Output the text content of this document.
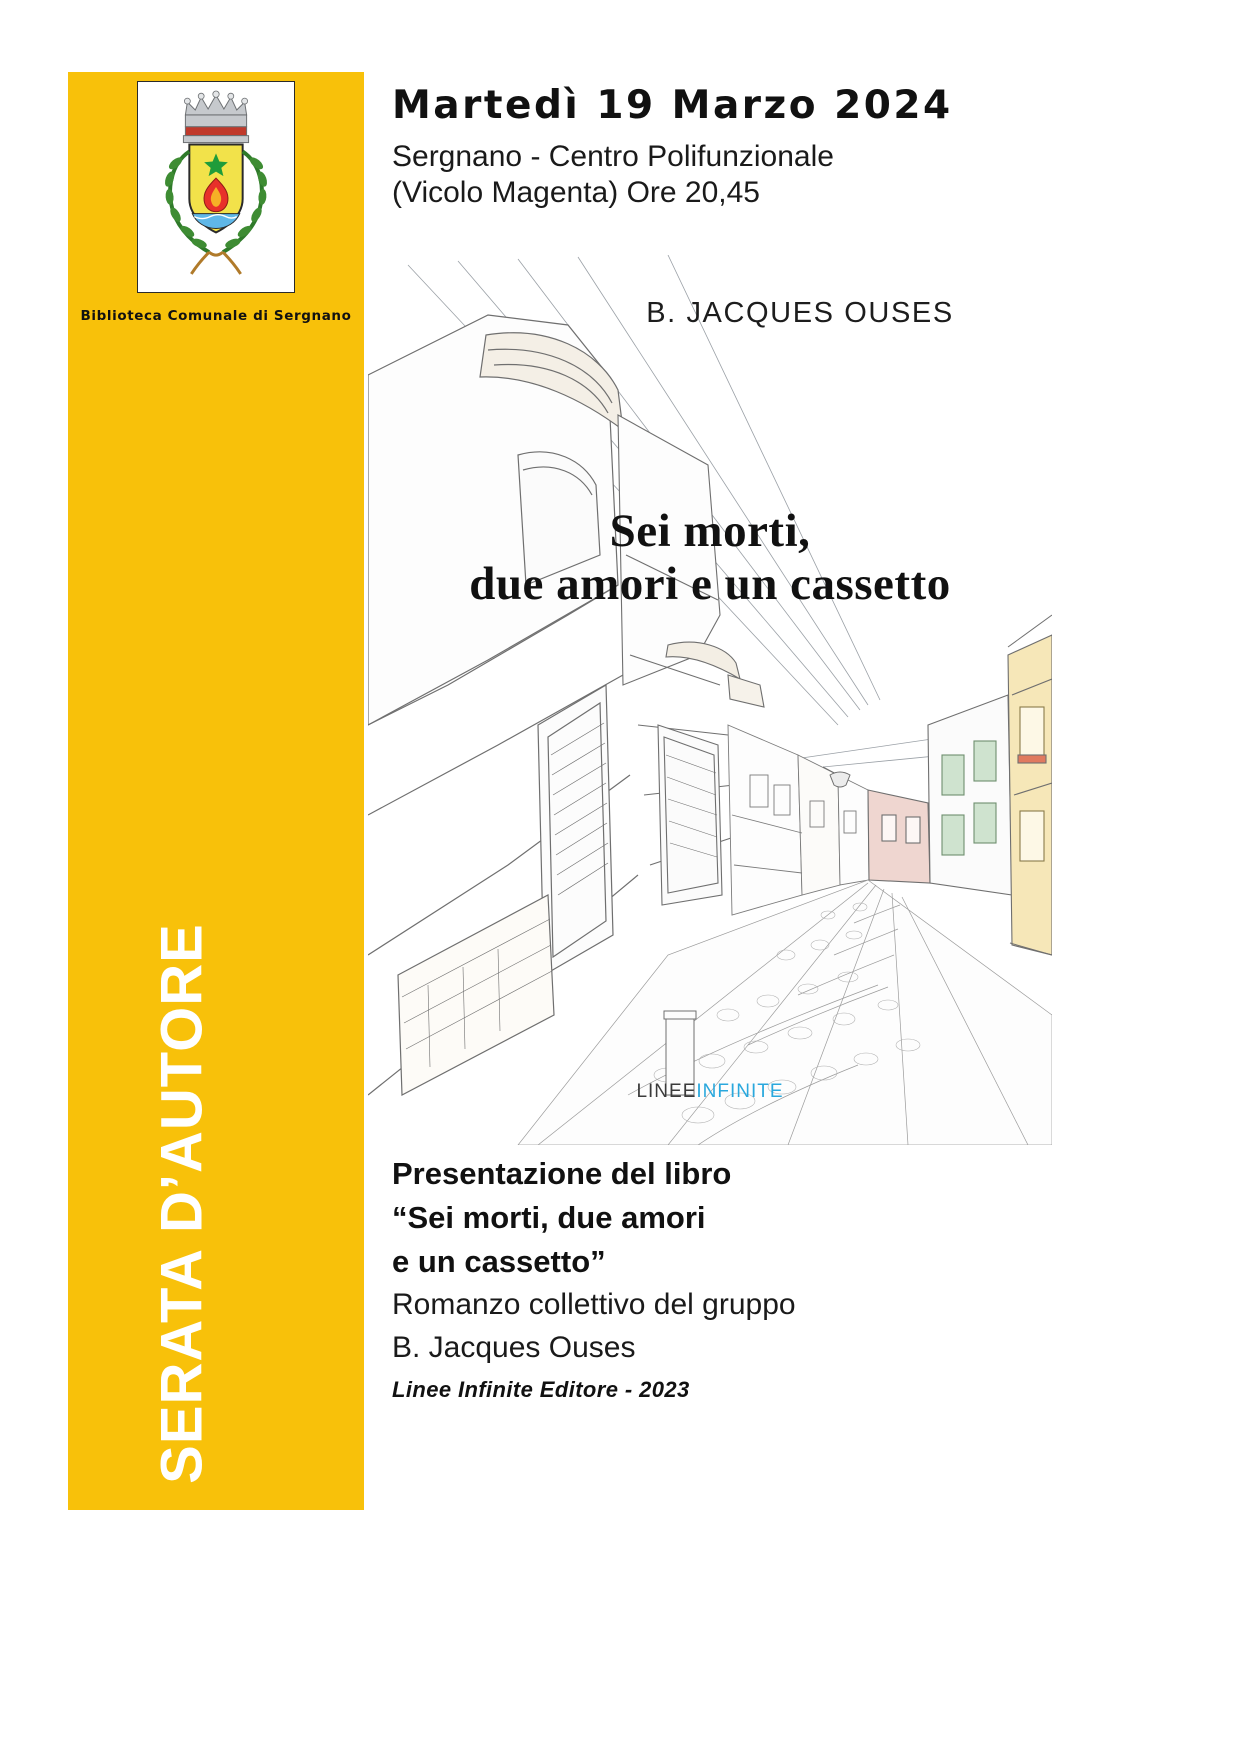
SERATA D’AUTORE
Biblioteca Comunale di Sergnano

Martedì 19 Marzo 2024

Sergnano - Centro Polifunzionale

(Vicolo Magenta) Ore 20,45

B. JACQUES OUSES
Sei morti,
due amori e un cassetto
LINEEINFINITE

Presentazione del libro

“Sei morti, due amori

e un cassetto”

Romanzo collettivo del gruppo

B. Jacques Ouses

Linee Infinite Editore - 2023
